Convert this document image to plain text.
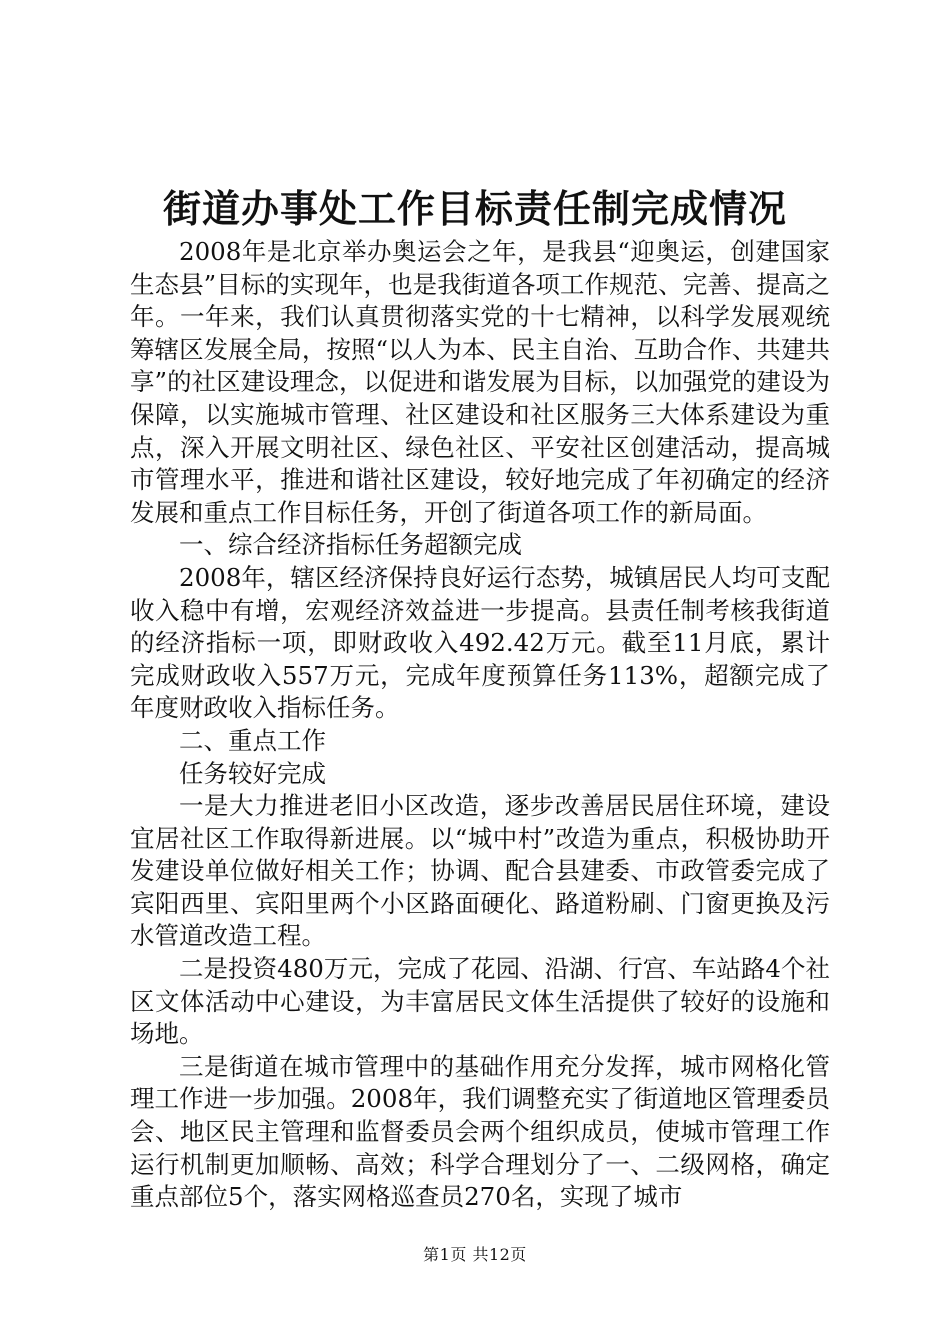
街道办事处工作目标责任制完成情况

2008年是北京举办奥运会之年，是我县“迎奥运，创建国家生态县”目标的实现年，也是我街道各项工作规范、完善、提高之年。一年来，我们认真贯彻落实党的十七精神，以科学发展观统筹辖区发展全局，按照“以人为本、民主自治、互助合作、共建共享”的社区建设理念，以促进和谐发展为目标，以加强党的建设为保障，以实施城市管理、社区建设和社区服务三大体系建设为重点，深入开展文明社区、绿色社区、平安社区创建活动，提高城市管理水平，推进和谐社区建设，较好地完成了年初确定的经济发展和重点工作目标任务，开创了街道各项工作的新局面。

一、综合经济指标任务超额完成

2008年，辖区经济保持良好运行态势，城镇居民人均可支配收入稳中有增，宏观经济效益进一步提高。县责任制考核我街道的经济指标一项，即财政收入492.42万元。截至11月底，累计完成财政收入557万元，完成年度预算任务113%，超额完成了年度财政收入指标任务。

二、重点工作

任务较好完成

一是大力推进老旧小区改造，逐步改善居民居住环境，建设宜居社区工作取得新进展。以“城中村”改造为重点，积极协助开发建设单位做好相关工作；协调、配合县建委、市政管委完成了宾阳西里、宾阳里两个小区路面硬化、路道粉刷、门窗更换及污水管道改造工程。

二是投资480万元，完成了花园、沿湖、行宫、车站路4个社区文体活动中心建设，为丰富居民文体生活提供了较好的设施和场地。

三是街道在城市管理中的基础作用充分发挥，城市网格化管理工作进一步加强。2008年，我们调整充实了街道地区管理委员会、地区民主管理和监督委员会两个组织成员，使城市管理工作运行机制更加顺畅、高效；科学合理划分了一、二级网格，确定重点部位5个，落实网格巡查员270名，实现了城市

第1页 共12页
